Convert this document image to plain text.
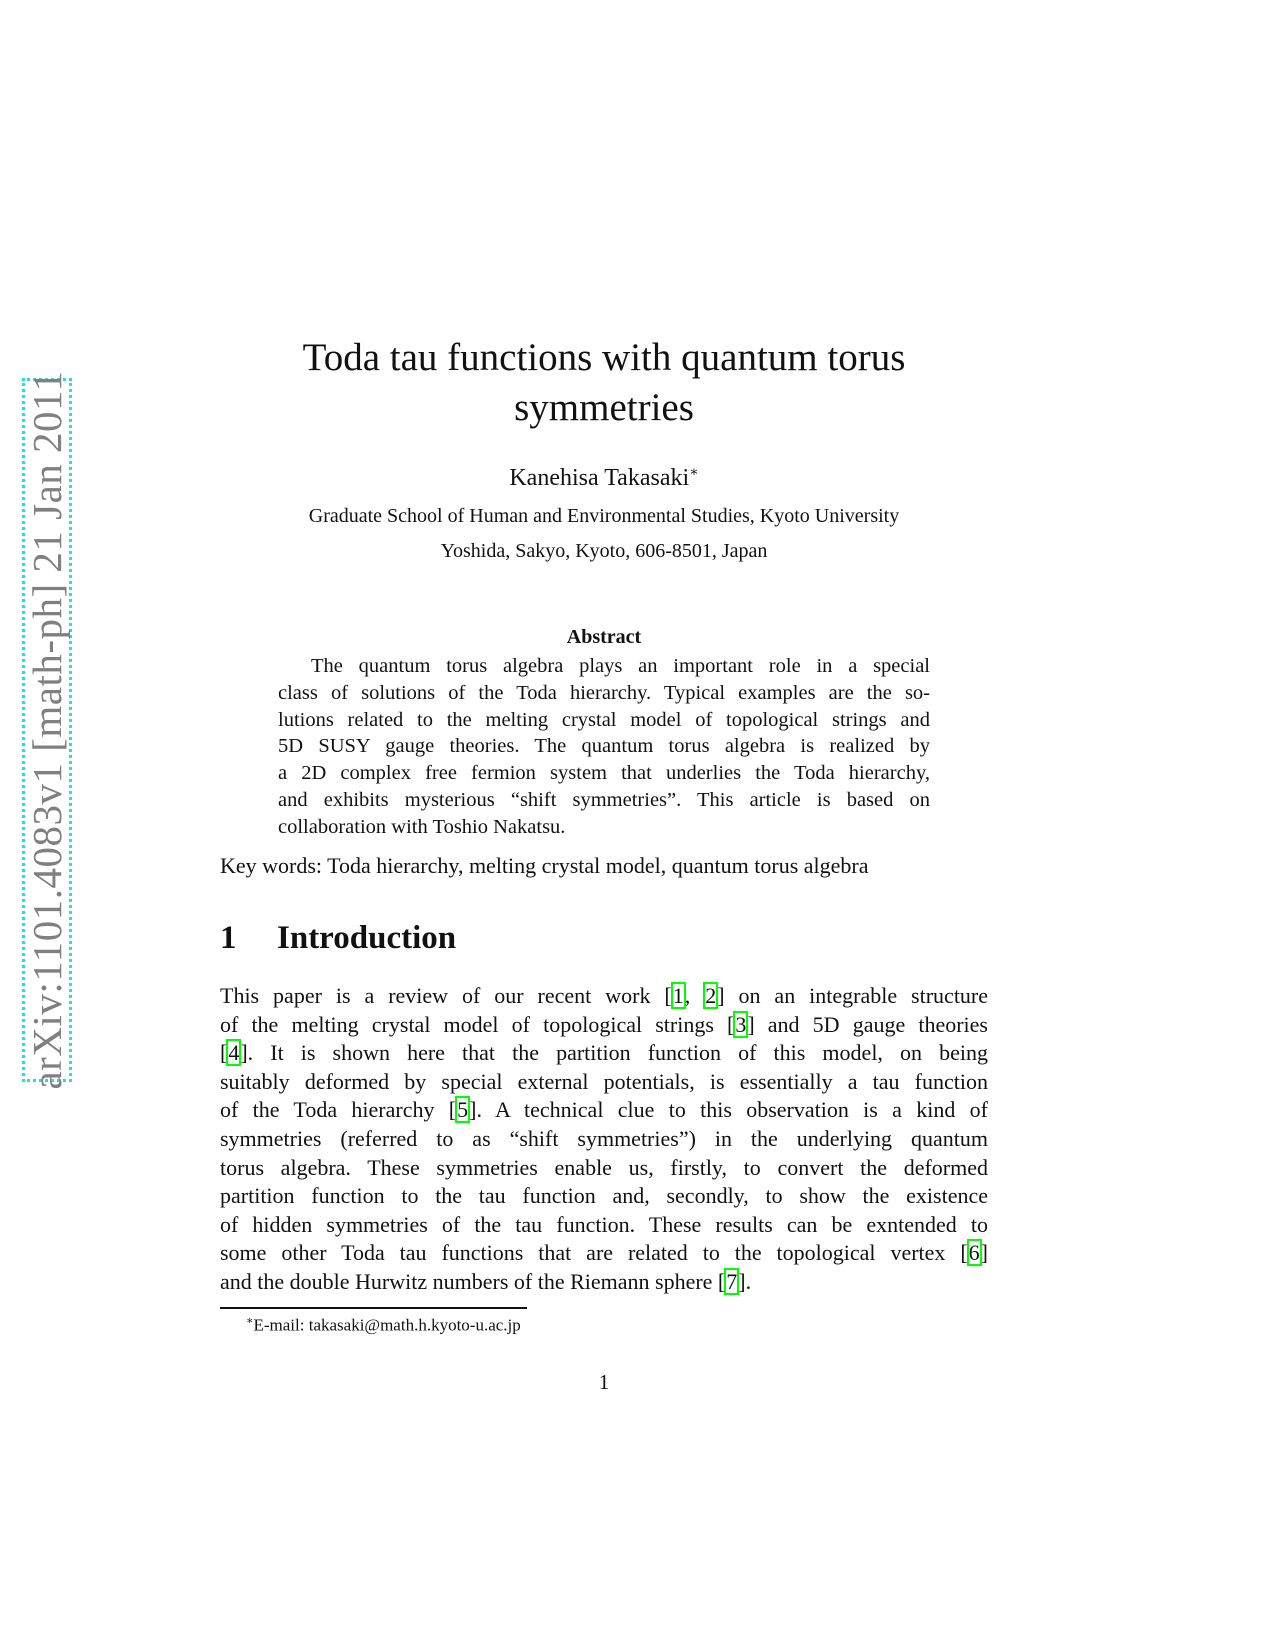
arXiv:1101.4083v1 [math-ph] 21 Jan 2011
Toda tau functions with quantum torus
symmetries
Kanehisa Takasaki∗
Graduate School of Human and Environmental Studies, Kyoto University
Yoshida, Sakyo, Kyoto, 606-8501, Japan
Abstract
The quantum torus algebra plays an important role in a special
class of solutions of the Toda hierarchy. Typical examples are the so-
lutions related to the melting crystal model of topological strings and
5D SUSY gauge theories. The quantum torus algebra is realized by
a 2D complex free fermion system that underlies the Toda hierarchy,
and exhibits mysterious “shift symmetries”. This article is based on
collaboration with Toshio Nakatsu.
Key words: Toda hierarchy, melting crystal model, quantum torus algebra
1 Introduction
This paper is a review of our recent work [1, 2] on an integrable structure
of the melting crystal model of topological strings [3] and 5D gauge theories
[4]. It is shown here that the partition function of this model, on being
suitably deformed by special external potentials, is essentially a tau function
of the Toda hierarchy [5]. A technical clue to this observation is a kind of
symmetries (referred to as “shift symmetries”) in the underlying quantum
torus algebra. These symmetries enable us, firstly, to convert the deformed
partition function to the tau function and, secondly, to show the existence
of hidden symmetries of the tau function. These results can be exntended to
some other Toda tau functions that are related to the topological vertex [6]
and the double Hurwitz numbers of the Riemann sphere [7].
∗E-mail: takasaki@math.h.kyoto-u.ac.jp
1
